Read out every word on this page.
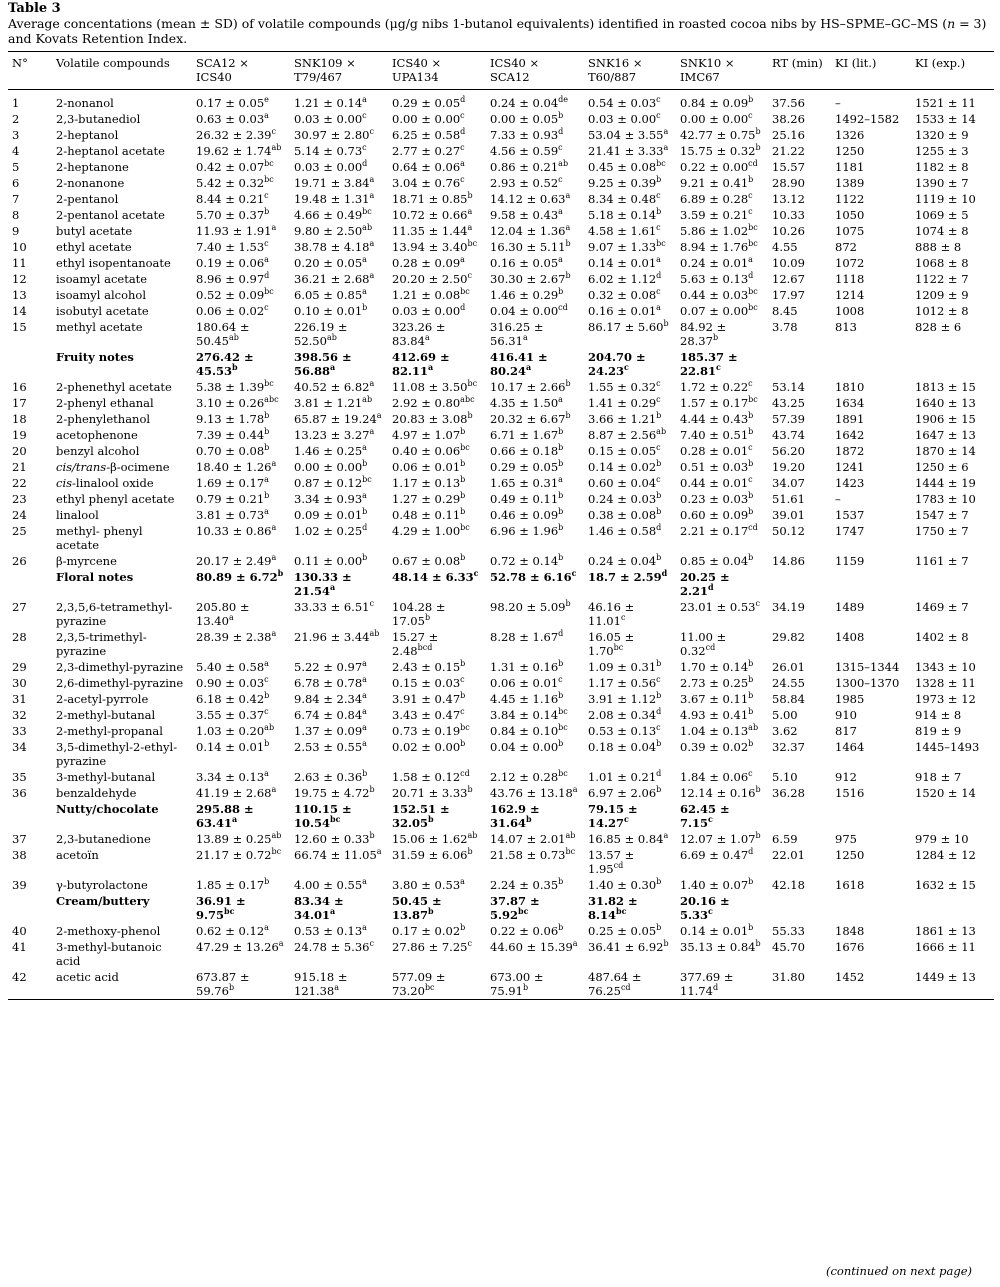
Table 3
Average concentations (mean ± SD) of volatile compounds (μg/g nibs 1-butanol equivalents) identified in roasted cocoa nibs by HS–SPME–GC–MS (n = 3) and Kovats Retention Index.
N°	Volatile compounds	SCA12 × ICS40	SNK109 × T79/467	ICS40 × UPA134	ICS40 × SCA12	SNK16 × T60/887	SNK10 × IMC67	RT (min)	KI (lit.)	KI (exp.)
1	2-nonanol	0.17 ± 0.05$^e$	1.21 ± 0.14$^a$	0.29 ± 0.05$^d$	0.24 ± 0.04de	0.54 ± 0.03$^c$	0.84 ± 0.09$^b$	37.56	–	1521 ± 11
2	2,3-butanediol	0.63 ± 0.03$^a$	0.03 ± 0.00$^c$	0.00 ± 0.00$^c$	0.00 ± 0.05$^b$	0.03 ± 0.00$^c$	0.00 ± 0.00$^c$	38.26	1492–1582	1533 ± 14
3	2-heptanol	26.32 ± 2.39$^c$	30.97 ± 2.80$^c$	6.25 ± 0.58$^d$	7.33 ± 0.93$^d$	53.04 ± 3.55$^a$	42.77 ± 0.75$^b$	25.16	1326	1320 ± 9
4	2-heptanol acetate	19.62 ± 1.74$^{ab}$	5.14 ± 0.73$^c$	2.77 ± 0.27$^c$	4.56 ± 0.59$^c$	21.41 ± 3.33$^a$	15.75 ± 0.32$^b$	21.22	1250	1255 ± 3
5	2-heptanone	0.42 ± 0.07$^{bc}$	0.03 ± 0.00$^d$	0.64 ± 0.06$^a$	0.86 ± 0.21$^{ab}$	0.45 ± 0.08$^{bc}$	0.22 ± 0.00$^{cd}$	15.57	1181	1182 ± 8
6	2-nonanone	5.42 ± 0.32$^{bc}$	19.71 ± 3.84$^a$	3.04 ± 0.76$^c$	2.93 ± 0.52$^c$	9.25 ± 0.39$^b$	9.21 ± 0.41$^b$	28.90	1389	1390 ± 7
7	2-pentanol	8.44 ± 0.21$^c$	19.48 ± 1.31$^a$	18.71 ± 0.85$^b$	14.12 ± 0.63$^a$	8.34 ± 0.48$^c$	6.89 ± 0.28$^c$	13.12	1122	1119 ± 10
8	2-pentanol acetate	5.70 ± 0.37$^b$	4.66 ± 0.49$^{bc}$	10.72 ± 0.66$^a$	9.58 ± 0.43$^a$	5.18 ± 0.14$^b$	3.59 ± 0.21$^c$	10.33	1050	1069 ± 5
9	butyl acetate	11.93 ± 1.91$^a$	9.80 ± 2.50$^{ab}$	11.35 ± 1.44$^a$	12.04 ± 1.36$^a$	4.58 ± 1.61$^c$	5.86 ± 1.02$^{bc}$	10.26	1075	1074 ± 8
10	ethyl acetate	7.40 ± 1.53$^c$	38.78 ± 4.18$^a$	13.94 ± 3.40$^{bc}$	16.30 ± 5.11$^b$	9.07 ± 1.33$^{bc}$	8.94 ± 1.76$^{bc}$	4.55	872	888 ± 8
11	ethyl isopentanoate	0.19 ± 0.06$^a$	0.20 ± 0.05$^a$	0.28 ± 0.09$^a$	0.16 ± 0.05$^a$	0.14 ± 0.01$^a$	0.24 ± 0.01$^a$	10.09	1072	1068 ± 8
12	isoamyl acetate	8.96 ± 0.97$^d$	36.21 ± 2.68$^a$	20.20 ± 2.50$^c$	30.30 ± 2.67$^b$	6.02 ± 1.12$^d$	5.63 ± 0.13$^d$	12.67	1118	1122 ± 7
13	isoamyl alcohol	0.52 ± 0.09$^{bc}$	6.05 ± 0.85$^a$	1.21 ± 0.08$^{bc}$	1.46 ± 0.29$^b$	0.32 ± 0.08$^c$	0.44 ± 0.03$^{bc}$	17.97	1214	1209 ± 9
14	isobutyl acetate	0.06 ± 0.02$^c$	0.10 ± 0.01$^b$	0.03 ± 0.00$^d$	0.04 ± 0.00$^{cd}$	0.16 ± 0.01$^a$	0.07 ± 0.00$^{bc}$	8.45	1008	1012 ± 8
15	methyl acetate	180.64 ± 50.45$^{ab}$	226.19 ± 52.50$^{ab}$	323.26 ± 83.84$^a$	316.25 ± 56.31$^a$	86.17 ± 5.60$^b$	84.92 ± 28.37$^b$	3.78	813	828 ± 6
	Fruity notes	276.42 ± 45.53$^b$	398.56 ± 56.88$^a$	412.69 ± 82.11$^a$	416.41 ± 80.24$^a$	204.70 ± 24.23$^c$	185.37 ± 22.81$^c$			
16	2-phenethyl acetate	5.38 ± 1.39$^{bc}$	40.52 ± 6.82$^a$	11.08 ± 3.50$^{bc}$	10.17 ± 2.66$^b$	1.55 ± 0.32$^c$	1.72 ± 0.22$^c$	53.14	1810	1813 ± 15
17	2-phenyl ethanal	3.10 ± 0.26$^{abc}$	3.81 ± 1.21$^{ab}$	2.92 ± 0.80$^{abc}$	4.35 ± 1.50$^a$	1.41 ± 0.29$^c$	1.57 ± 0.17$^{bc}$	43.25	1634	1640 ± 13
18	2-phenylethanol	9.13 ± 1.78$^b$	65.87 ± 19.24$^a$	20.83 ± 3.08$^b$	20.32 ± 6.67$^b$	3.66 ± 1.21$^b$	4.44 ± 0.43$^b$	57.39	1891	1906 ± 15
19	acetophenone	7.39 ± 0.44$^b$	13.23 ± 3.27$^a$	4.97 ± 1.07$^b$	6.71 ± 1.67$^b$	8.87 ± 2.56$^{ab}$	7.40 ± 0.51$^b$	43.74	1642	1647 ± 13
20	benzyl alcohol	0.70 ± 0.08$^b$	1.46 ± 0.25$^a$	0.40 ± 0.06$^{bc}$	0.66 ± 0.18$^b$	0.15 ± 0.05$^c$	0.28 ± 0.01$^c$	56.20	1872	1870 ± 14
21	cis/trans-β-ocimene	18.40 ± 1.26$^a$	0.00 ± 0.00$^b$	0.06 ± 0.01$^b$	0.29 ± 0.05$^b$	0.14 ± 0.02$^b$	0.51 ± 0.03$^b$	19.20	1241	1250 ± 6
22	cis-linalool oxide	1.69 ± 0.17$^a$	0.87 ± 0.12$^{bc}$	1.17 ± 0.13$^b$	1.65 ± 0.31$^a$	0.60 ± 0.04$^c$	0.44 ± 0.01$^c$	34.07	1423	1444 ± 19
23	ethyl phenyl acetate	0.79 ± 0.21$^b$	3.34 ± 0.93$^a$	1.27 ± 0.29$^b$	0.49 ± 0.11$^b$	0.24 ± 0.03$^b$	0.23 ± 0.03$^b$	51.61	–	1783 ± 10
24	linalool	3.81 ± 0.73$^a$	0.09 ± 0.01$^b$	0.48 ± 0.11$^b$	0.46 ± 0.09$^b$	0.38 ± 0.08$^b$	0.60 ± 0.09$^b$	39.01	1537	1547 ± 7
25	methyl- phenyl acetate	10.33 ± 0.86$^a$	1.02 ± 0.25$^d$	4.29 ± 1.00$^{bc}$	6.96 ± 1.96$^b$	1.46 ± 0.58$^d$	2.21 ± 0.17$^{cd}$	50.12	1747	1750 ± 7
26	β-myrcene	20.17 ± 2.49$^a$	0.11 ± 0.00$^b$	0.67 ± 0.08$^b$	0.72 ± 0.14$^b$	0.24 ± 0.04$^b$	0.85 ± 0.04$^b$	14.86	1159	1161 ± 7
	Floral notes	80.89 ± 6.72$^b$	130.33 ± 21.54$^a$	48.14 ± 6.33$^c$	52.78 ± 6.16$^c$	18.7 ± 2.59$^d$	20.25 ± 2.21$^d$			
27	2,3,5,6-tetramethyl-pyrazine	205.80 ± 13.40$^a$	33.33 ± 6.51$^c$	104.28 ± 17.05$^b$	98.20 ± 5.09$^b$	46.16 ± 11.01$^c$	23.01 ± 0.53$^c$	34.19	1489	1469 ± 7
28	2,3,5-trimethyl-pyrazine	28.39 ± 2.38$^a$	21.96 ± 3.44$^{ab}$	15.27 ± 2.48$^{bcd}$	8.28 ± 1.67$^d$	16.05 ± 1.70$^{bc}$	11.00 ± 0.32$^{cd}$	29.82	1408	1402 ± 8
29	2,3-dimethyl-pyrazine	5.40 ± 0.58$^a$	5.22 ± 0.97$^a$	2.43 ± 0.15$^b$	1.31 ± 0.16$^b$	1.09 ± 0.31$^b$	1.70 ± 0.14$^b$	26.01	1315–1344	1343 ± 10
30	2,6-dimethyl-pyrazine	0.90 ± 0.03$^c$	6.78 ± 0.78$^a$	0.15 ± 0.03$^c$	0.06 ± 0.01$^c$	1.17 ± 0.56$^c$	2.73 ± 0.25$^b$	24.55	1300–1370	1328 ± 11
31	2-acetyl-pyrrole	6.18 ± 0.42$^b$	9.84 ± 2.34$^a$	3.91 ± 0.47$^b$	4.45 ± 1.16$^b$	3.91 ± 1.12$^b$	3.67 ± 0.11$^b$	58.84	1985	1973 ± 12
32	2-methyl-butanal	3.55 ± 0.37$^c$	6.74 ± 0.84$^a$	3.43 ± 0.47$^c$	3.84 ± 0.14$^{bc}$	2.08 ± 0.34$^d$	4.93 ± 0.41$^b$	5.00	910	914 ± 8
33	2-methyl-propanal	1.03 ± 0.20$^{ab}$	1.37 ± 0.09$^a$	0.73 ± 0.19$^{bc}$	0.84 ± 0.10$^{bc}$	0.53 ± 0.13$^c$	1.04 ± 0.13$^{ab}$	3.62	817	819 ± 9
34	3,5-dimethyl-2-ethyl-pyrazine	0.14 ± 0.01$^b$	2.53 ± 0.55$^a$	0.02 ± 0.00$^b$	0.04 ± 0.00$^b$	0.18 ± 0.04$^b$	0.39 ± 0.02$^b$	32.37	1464	1445–1493
35	3-methyl-butanal	3.34 ± 0.13$^a$	2.63 ± 0.36$^b$	1.58 ± 0.12$^{cd}$	2.12 ± 0.28$^{bc}$	1.01 ± 0.21$^d$	1.84 ± 0.06$^c$	5.10	912	918 ± 7
36	benzaldehyde	41.19 ± 2.68$^a$	19.75 ± 4.72$^b$	20.71 ± 3.33$^b$	43.76 ± 13.18$^a$	6.97 ± 2.06$^b$	12.14 ± 0.16$^b$	36.28	1516	1520 ± 14
	Nutty/chocolate	295.88 ± 63.41$^a$	110.15 ± 10.54$^{bc}$	152.51 ± 32.05$^b$	162.9 ± 31.64$^b$	79.15 ± 14.27$^c$	62.45 ± 7.15$^c$			
37	2,3-butanedione	13.89 ± 0.25$^{ab}$	12.60 ± 0.33$^b$	15.06 ± 1.62$^{ab}$	14.07 ± 2.01$^{ab}$	16.85 ± 0.84$^a$	12.07 ± 1.07$^b$	6.59	975	979 ± 10
38	acetoïn	21.17 ± 0.72$^{bc}$	66.74 ± 11.05$^a$	31.59 ± 6.06$^b$	21.58 ± 0.73$^{bc}$	13.57 ± 1.95$^{cd}$	6.69 ± 0.47$^d$	22.01	1250	1284 ± 12
39	γ-butyrolactone	1.85 ± 0.17$^b$	4.00 ± 0.55$^a$	3.80 ± 0.53$^a$	2.24 ± 0.35$^b$	1.40 ± 0.30$^b$	1.40 ± 0.07$^b$	42.18	1618	1632 ± 15
	Cream/buttery	36.91 ± 9.75$^{bc}$	83.34 ± 34.01$^a$	50.45 ± 13.87$^b$	37.87 ± 5.92$^{bc}$	31.82 ± 8.14$^{bc}$	20.16 ± 5.33$^c$			
40	2-methoxy-phenol	0.62 ± 0.12$^a$	0.53 ± 0.13$^a$	0.17 ± 0.02$^b$	0.22 ± 0.06$^b$	0.25 ± 0.05$^b$	0.14 ± 0.01$^b$	55.33	1848	1861 ± 13
41	3-methyl-butanoic acid	47.29 ± 13.26$^a$	24.78 ± 5.36$^c$	27.86 ± 7.25$^c$	44.60 ± 15.39$^a$	36.41 ± 6.92$^b$	35.13 ± 0.84$^b$	45.70	1676	1666 ± 11
42	acetic acid	673.87 ± 59.76$^b$	915.18 ± 121.38$^a$	577.09 ± 73.20$^{bc}$	673.00 ± 75.91$^b$	487.64 ± 76.25$^{cd}$	377.69 ± 11.74$^d$	31.80	1452	1449 ± 13
(continued on next page)
